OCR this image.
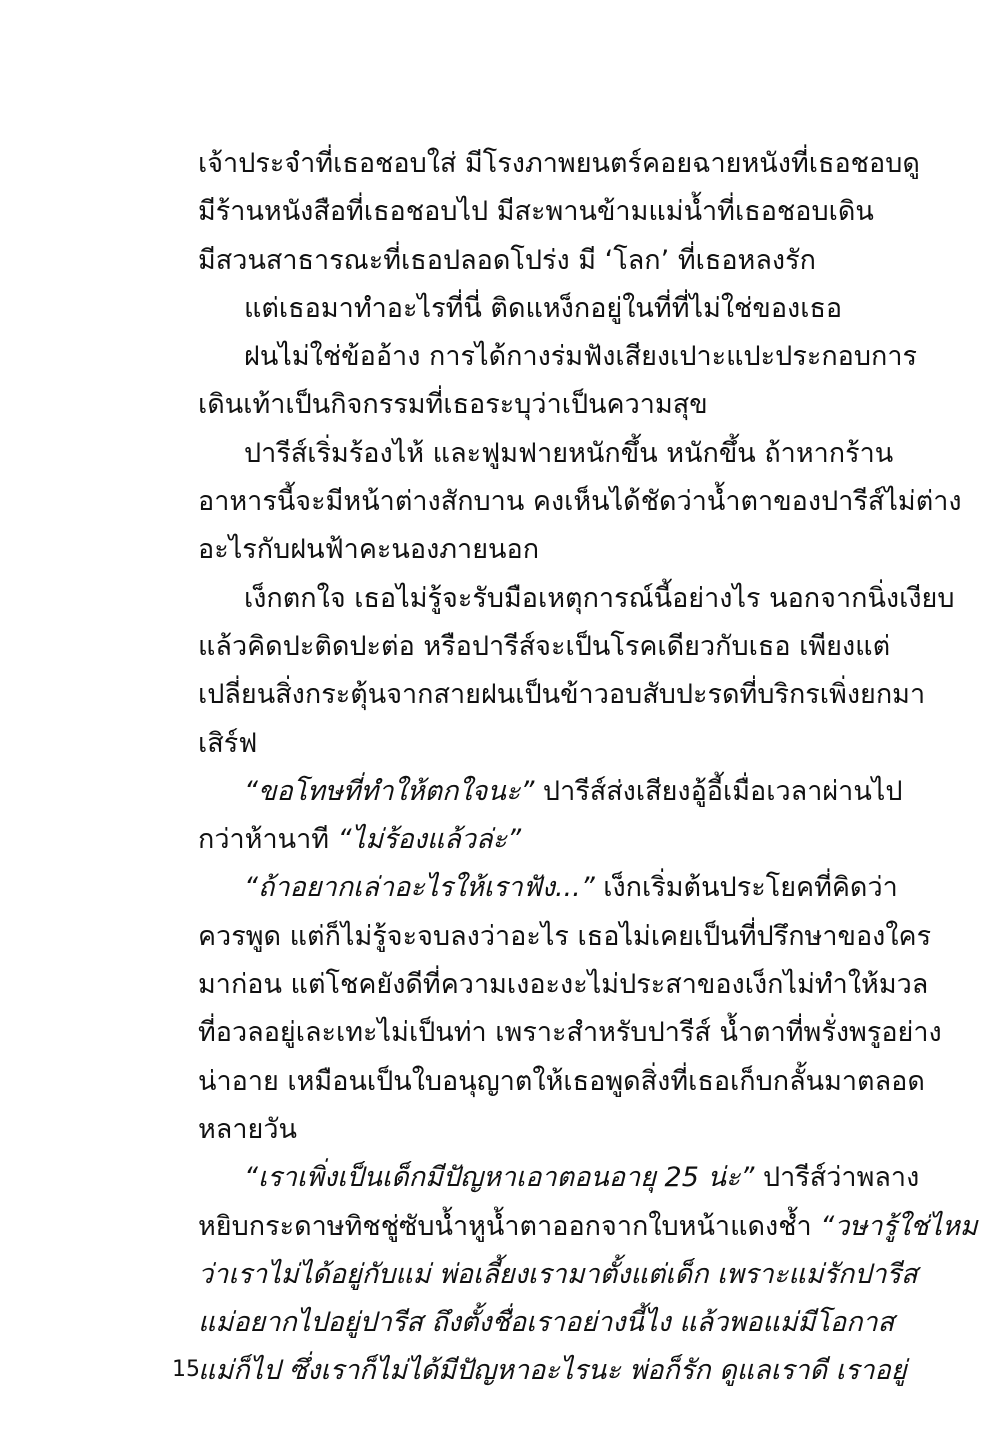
เจ้าประจำที่เธอชอบใส่ มีโรงภาพยนตร์คอยฉายหนังที่เธอชอบดู
มีร้านหนังสือที่เธอชอบไป มีสะพานข้ามแม่น้ำที่เธอชอบเดิน
มีสวนสาธารณะที่เธอปลอดโปร่ง มี ‘โลก’ ที่เธอหลงรัก
แต่เธอมาทำอะไรที่นี่ ติดแหง็กอยู่ในที่ที่ไม่ใช่ของเธอ
ฝนไม่ใช่ข้ออ้าง การได้กางร่มฟังเสียงเปาะแปะประกอบการ
เดินเท้าเป็นกิจกรรมที่เธอระบุว่าเป็นความสุข
ปารีส์เริ่มร้องไห้ และฟูมฟายหนักขึ้น หนักขึ้น ถ้าหากร้าน
อาหารนี้จะมีหน้าต่างสักบาน คงเห็นได้ชัดว่าน้ำตาของปารีส์ไม่ต่าง
อะไรกับฝนฟ้าคะนองภายนอก
เง็กตกใจ เธอไม่รู้จะรับมือเหตุการณ์นี้อย่างไร นอกจากนิ่งเงียบ
แล้วคิดปะติดปะต่อ หรือปารีส์จะเป็นโรคเดียวกับเธอ เพียงแต่
เปลี่ยนสิ่งกระตุ้นจากสายฝนเป็นข้าวอบสับปะรดที่บริกรเพิ่งยกมา
เสิร์ฟ
“ขอโทษที่ทำให้ตกใจนะ” ปารีส์ส่งเสียงอู้อี้เมื่อเวลาผ่านไป
กว่าห้านาที “ไม่ร้องแล้วล่ะ”
“ถ้าอยากเล่าอะไรให้เราฟัง...” เง็กเริ่มต้นประโยคที่คิดว่า
ควรพูด แต่ก็ไม่รู้จะจบลงว่าอะไร เธอไม่เคยเป็นที่ปรึกษาของใคร
มาก่อน แต่โชคยังดีที่ความเงอะงะไม่ประสาของเง็กไม่ทำให้มวล
ที่อวลอยู่เละเทะไม่เป็นท่า เพราะสำหรับปารีส์ น้ำตาที่พรั่งพรูอย่าง
น่าอาย เหมือนเป็นใบอนุญาตให้เธอพูดสิ่งที่เธอเก็บกลั้นมาตลอด
หลายวัน
“เราเพิ่งเป็นเด็กมีปัญหาเอาตอนอายุ 25 น่ะ” ปารีส์ว่าพลาง
หยิบกระดาษทิชชู่ซับน้ำหูน้ำตาออกจากใบหน้าแดงช้ำ “วษารู้ใช่ไหม
ว่าเราไม่ได้อยู่กับแม่ พ่อเลี้ยงเรามาตั้งแต่เด็ก เพราะแม่รักปารีส
แม่อยากไปอยู่ปารีส ถึงตั้งชื่อเราอย่างนี้ไง แล้วพอแม่มีโอกาส
แม่ก็ไป ซึ่งเราก็ไม่ได้มีปัญหาอะไรนะ พ่อก็รัก ดูแลเราดี เราอยู่
15
